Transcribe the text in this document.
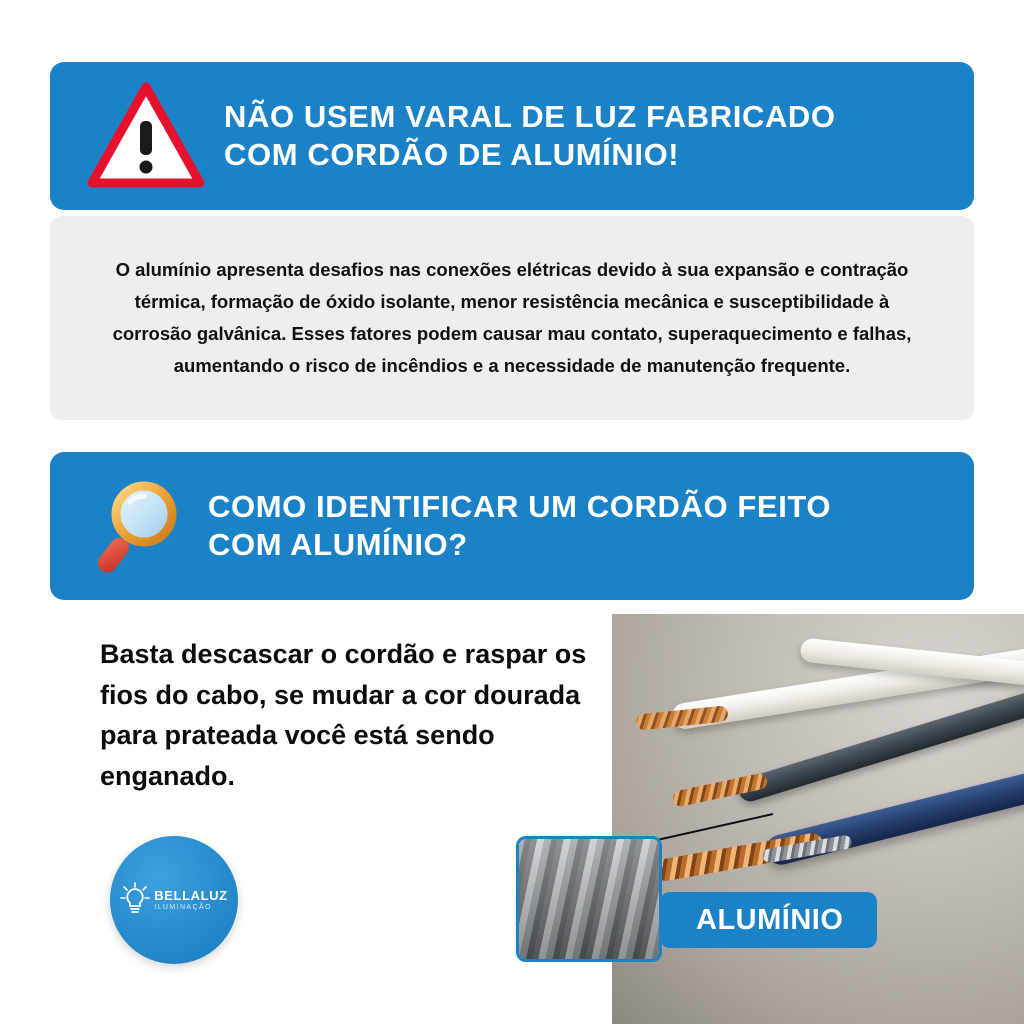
NÃO USEM VARAL DE LUZ FABRICADO
COM CORDÃO DE ALUMÍNIO!
O alumínio apresenta desafios nas conexões elétricas devido à sua expansão e contração térmica, formação de óxido isolante, menor resistência mecânica e susceptibilidade à corrosão galvânica. Esses fatores podem causar mau contato, superaquecimento e falhas, aumentando o risco de incêndios e a necessidade de manutenção frequente.
COMO IDENTIFICAR UM CORDÃO FEITO
COM ALUMÍNIO?
Basta descascar o cordão e raspar os fios do cabo, se mudar a cor dourada para prateada você está sendo enganado.
ALUMÍNIO
BELLALUZ
ILUMINAÇÃO
